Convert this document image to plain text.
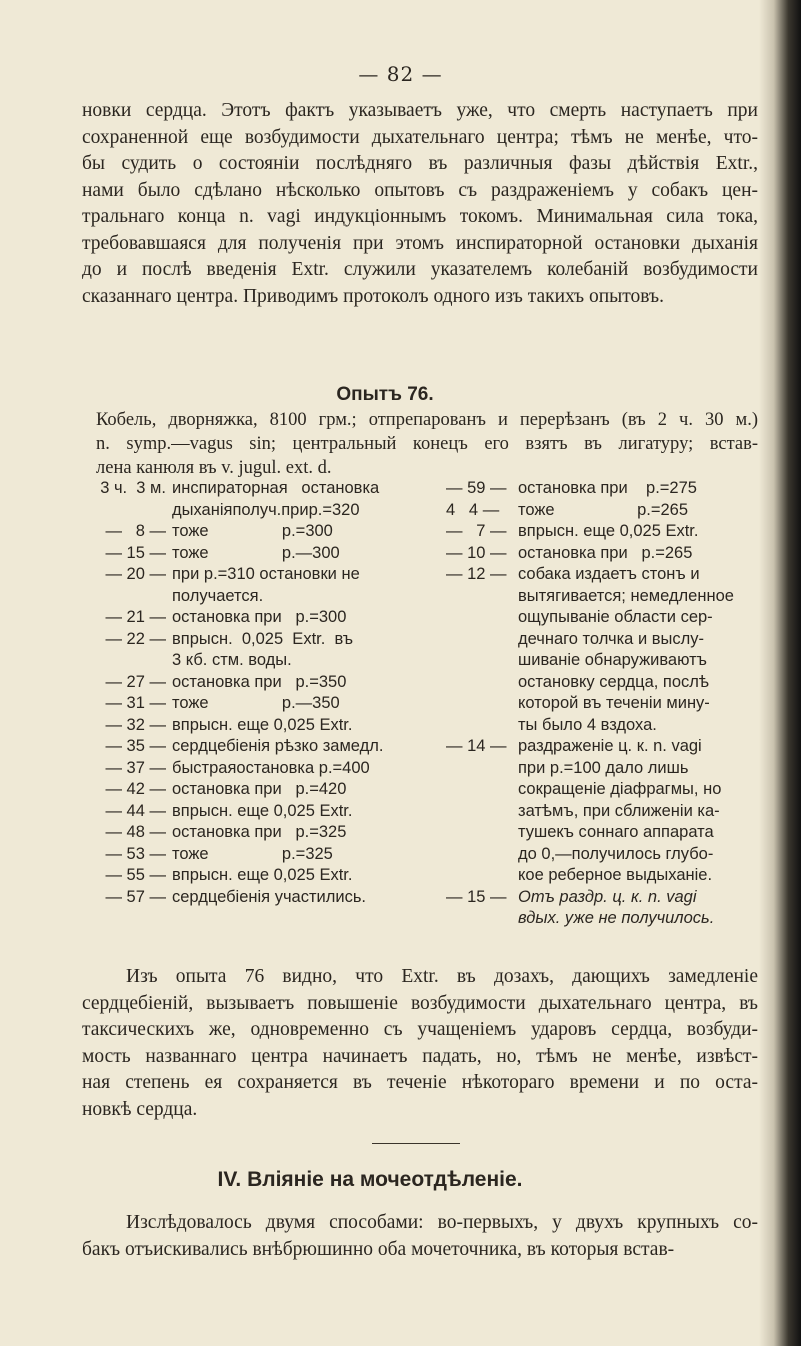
— 82 —
новки сердца. Этотъ фактъ указываетъ уже, что смерть наступаетъ при
сохраненной еще возбудимости дыхательнаго центра; тѣмъ не менѣе, что-
бы судить о состояніи послѣдняго въ различныя фазы дѣйствія Extr.,
нами было сдѣлано нѣсколько опытовъ съ раздраженіемъ у собакъ цен-
тральнаго конца n. vagi индукціоннымъ токомъ. Минимальная сила тока,
требовавшаяся для полученія при этомъ инспираторной остановки дыханія
до и послѣ введенія Extr. служили указателемъ колебаній возбудимости
сказаннаго центра. Приводимъ протоколъ одного изъ такихъ опытовъ.
Опытъ 76.
Кобель, дворняжка, 8100 грм.; отпрепарованъ и перерѣзанъ (въ 2 ч. 30 м.)
n. symp.—vagus sin; центральный конецъ его взятъ въ лигатуру; встав-
лена канюля въ v. jugul. ext. d.
3 ч.  3 м. инспираторная   остановка
дыханіяполуч.прир.=320
—   8 — тоже                р.=300
— 15 — тоже                р.—300
— 20 — при р.=310 остановки не
получается.
— 21 — остановка при   р.=300
— 22 — впрысн.  0,025  Extr.  въ
3 кб. стм. воды.
— 27 — остановка при   р.=350
— 31 — тоже                р.—350
— 32 — впрысн. еще 0,025 Extr.
— 35 — сердцебіенія рѣзко замедл.
— 37 — быстраяостановка р.=400
— 42 — остановка при   р.=420
— 44 — впрысн. еще 0,025 Extr.
— 48 — остановка при   р.=325
— 53 — тоже                р.=325
— 55 — впрысн. еще 0,025 Extr.
— 57 — сердцебіенія участились.
— 59 — остановка при    р.=275
4   4 —	тоже                  р.=265
—   7 — впрысн. еще 0,025 Extr.
— 10 — остановка при   р.=265
— 12 — собака издаетъ стонъ и
вытягивается; немедленное
ощупываніе области сер-
дечнаго толчка и выслу-
шиваніе обнаруживаютъ
остановку сердца, послѣ
которой въ теченіи мину-
ты было 4 вздоха.
— 14 — раздраженіе ц. к. n. vagi
при р.=100 дало лишь
сокращеніе діафрагмы, но
затѣмъ, при сближеніи ка-
тушекъ соннаго аппарата
до 0,—получилось глубо-
кое реберное выдыханіе.
— 15 — Отъ раздр. ц. к. n. vagi
вдых. уже не получилось.
Изъ опыта 76 видно, что Extr. въ дозахъ, дающихъ замедленіе
сердцебіеній, вызываетъ повышеніе возбудимости дыхательнаго центра, въ
таксическихъ же, одновременно съ учащеніемъ ударовъ сердца, возбуди-
мость названнаго центра начинаетъ падать, но, тѣмъ не менѣе, извѣст-
ная степень ея сохраняется въ теченіе нѣкотораго времени и по оста-
новкѣ сердца.
IV. Вліяніе на мочеотдѣленіе.
Изслѣдовалось двумя способами: во-первыхъ, у двухъ крупныхъ со-
бакъ отъискивались внѣбрюшинно оба мочеточника, въ которыя встав-
